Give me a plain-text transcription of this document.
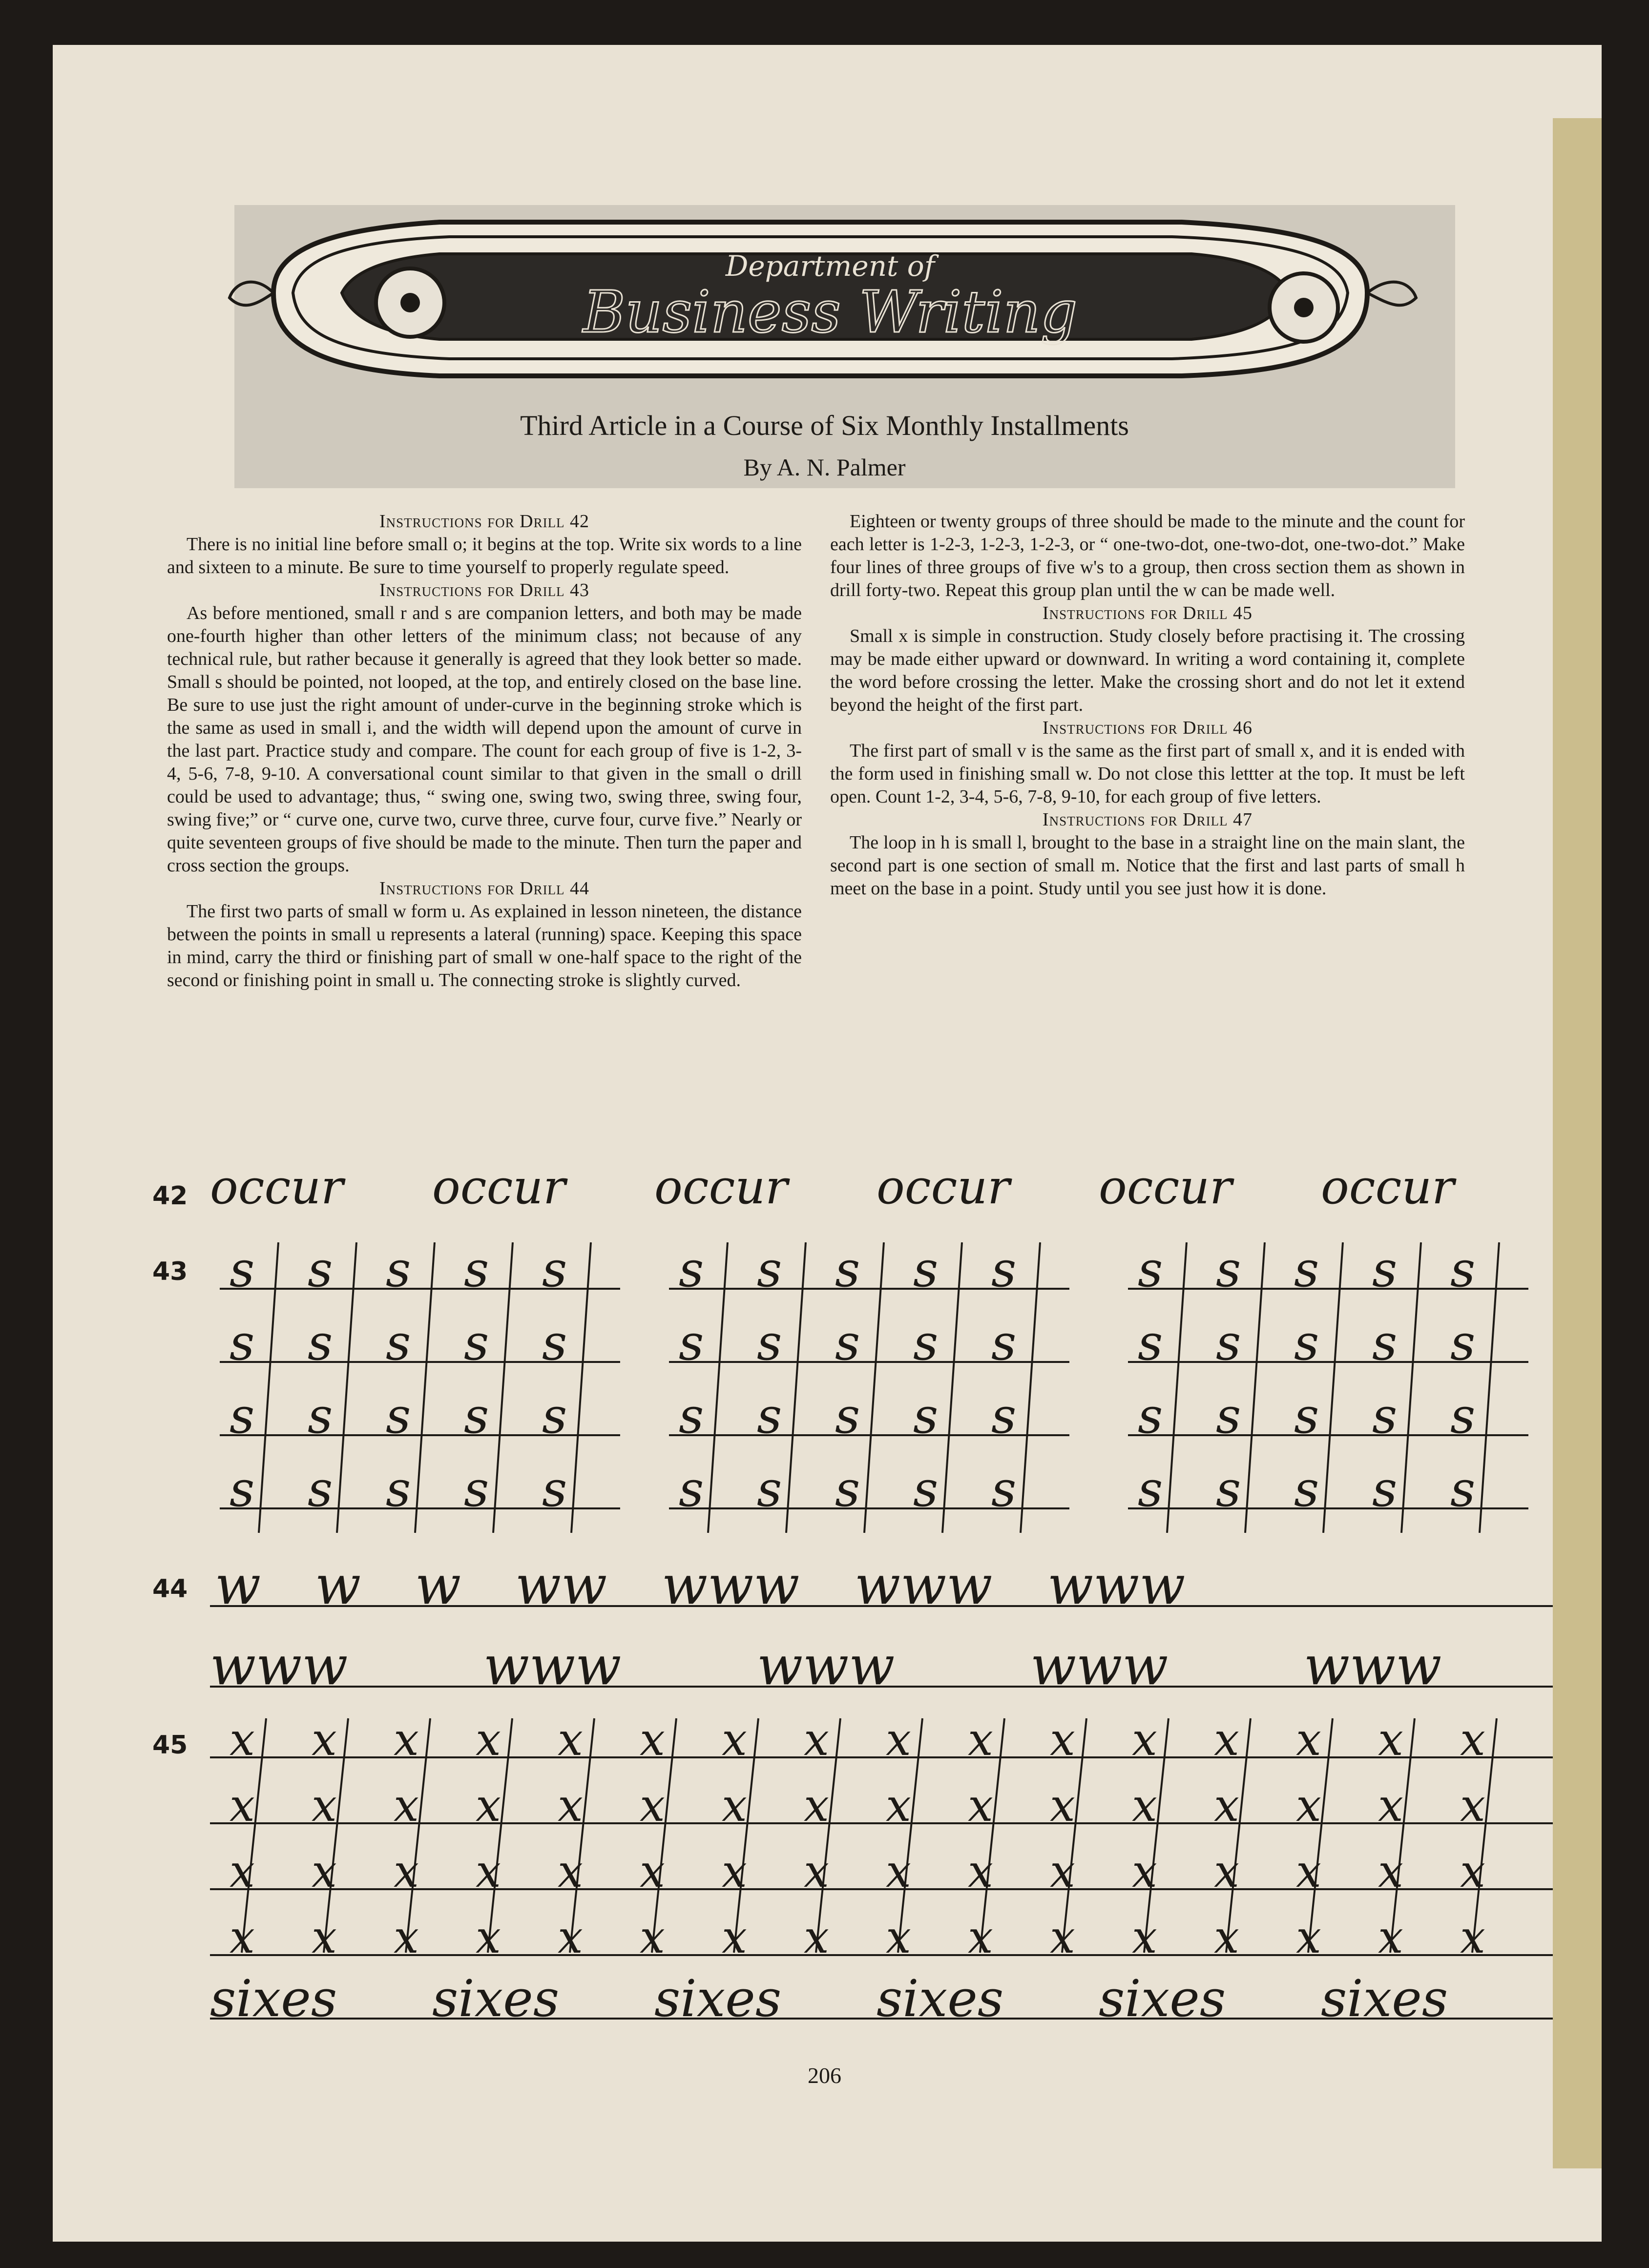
Department of
Business Writing
Third Article in a Course of Six Monthly Installments
By A. N. Palmer
Instructions for Drill 42

There is no initial line before small o; it begins at the top. Write six words to a line and sixteen to a minute. Be sure to time yourself to properly regulate speed.

Instructions for Drill 43

As before mentioned, small r and s are companion letters, and both may be made one-fourth higher than other letters of the minimum class; not because of any technical rule, but rather because it generally is agreed that they look better so made. Small s should be pointed, not looped, at the top, and entirely closed on the base line. Be sure to use just the right amount of under-curve in the beginning stroke which is the same as used in small i, and the width will depend upon the amount of curve in the last part. Practice study and compare. The count for each group of five is 1-2, 3-4, 5-6, 7-8, 9-10. A conversational count similar to that given in the small o drill could be used to advantage; thus, “ swing one, swing two, swing three, swing four, swing five;” or “ curve one, curve two, curve three, curve four, curve five.” Nearly or quite seventeen groups of five should be made to the minute. Then turn the paper and cross section the groups.

Instructions for Drill 44

The first two parts of small w form u. As explained in lesson nineteen, the distance between the points in small u represents a lateral (running) space. Keeping this space in mind, carry the third or finishing part of small w one-half space to the right of the second or finishing point in small u. The connecting stroke is slightly curved.

Eighteen or twenty groups of three should be made to the minute and the count for each letter is 1-2-3, 1-2-3, 1-2-3, or “ one-two-dot, one-two-dot, one-two-dot.” Make four lines of three groups of five w's to a group, then cross section them as shown in drill forty-two. Repeat this group plan until the w can be made well.

Instructions for Drill 45

Small x is simple in construction. Study closely before practising it. The crossing may be made either upward or downward. In writing a word containing it, complete the word before crossing the letter. Make the crossing short and do not let it extend beyond the height of the first part.

Instructions for Drill 46

The first part of small v is the same as the first part of small x, and it is ended with the form used in finishing small w. Do not close this lettter at the top. It must be left open. Count 1-2, 3-4, 5-6, 7-8, 9-10, for each group of five letters.

Instructions for Drill 47

The loop in h is small l, brought to the base in a straight line on the main slant, the second part is one section of small m. Notice that the first and last parts of small h meet on the base in a point. Study until you see just how it is done.

42
43
44
45
occur occur occur occur occur occur
s s s s s
s s s s s
s s s s s
s s s s s
s s s s s
s s s s s
s s s s s
s s s s s
s s s s s
s s s s s
s s s s s
s s s s s
w w w ww www www www
www	www	www	www	www
x x x x x x x x x x x x x x x x
x x x x x x x x x x x x x x x x
x x x x x x x x x x x x x x x x
x x x x x x x x x x x x x x x x
sixes sixes sixes sixes sixes sixes
206
